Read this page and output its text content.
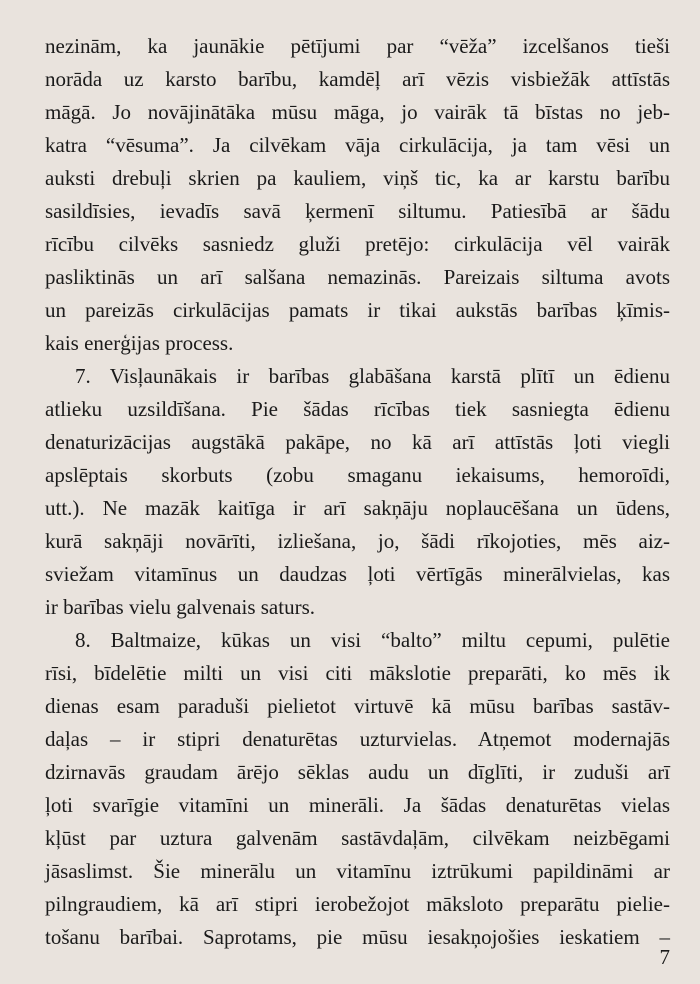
nezinām, ka jaunākie pētījumi par “vēža” izcelšanos tieši
norāda uz karsto barību, kamdēļ arī vēzis visbiežāk attīstās
māgā. Jo novājinātāka mūsu māga, jo vairāk tā bīstas no jeb-
katra “vēsuma”. Ja cilvēkam vāja cirkulācija, ja tam vēsi un
auksti drebuļi skrien pa kauliem, viņš tic, ka ar karstu barību
sasildīsies, ievadīs savā ķermenī siltumu. Patiesībā ar šādu
rīcību cilvēks sasniedz gluži pretējo: cirkulācija vēl vairāk
pasliktinās un arī salšana nemazinās. Pareizais siltuma avots
un pareizās cirkulācijas pamats ir tikai aukstās barības ķīmis-
kais enerģijas process.
7. Visļaunākais ir barības glabāšana karstā plītī un ēdienu
atlieku uzsildīšana. Pie šādas rīcības tiek sasniegta ēdienu
denaturizācijas augstākā pakāpe, no kā arī attīstās ļoti viegli
apslēptais skorbuts (zobu smaganu iekaisums, hemoroīdi,
utt.). Ne mazāk kaitīga ir arī sakņāju noplaucēšana un ūdens,
kurā sakņāji novārīti, izliešana, jo, šādi rīkojoties, mēs aiz-
sviežam vitamīnus un daudzas ļoti vērtīgās minerālvielas, kas
ir barības vielu galvenais saturs.
8. Baltmaize, kūkas un visi “balto” miltu cepumi, pulētie
rīsi, bīdelētie milti un visi citi mākslotie preparāti, ko mēs ik
dienas esam paraduši pielietot virtuvē kā mūsu barības sastāv-
daļas – ir stipri denaturētas uzturvielas. Atņemot modernajās
dzirnavās graudam ārējo sēklas audu un dīglīti, ir zuduši arī
ļoti svarīgie vitamīni un minerāli. Ja šādas denaturētas vielas
kļūst par uztura galvenām sastāvdaļām, cilvēkam neizbēgami
jāsaslimst. Šie minerālu un vitamīnu iztrūkumi papildināmi ar
pilngraudiem, kā arī stipri ierobežojot mākslotо preparātu pielie-
tošanu barībai. Saprotams, pie mūsu iesakņojošies ieskatiem –
7
